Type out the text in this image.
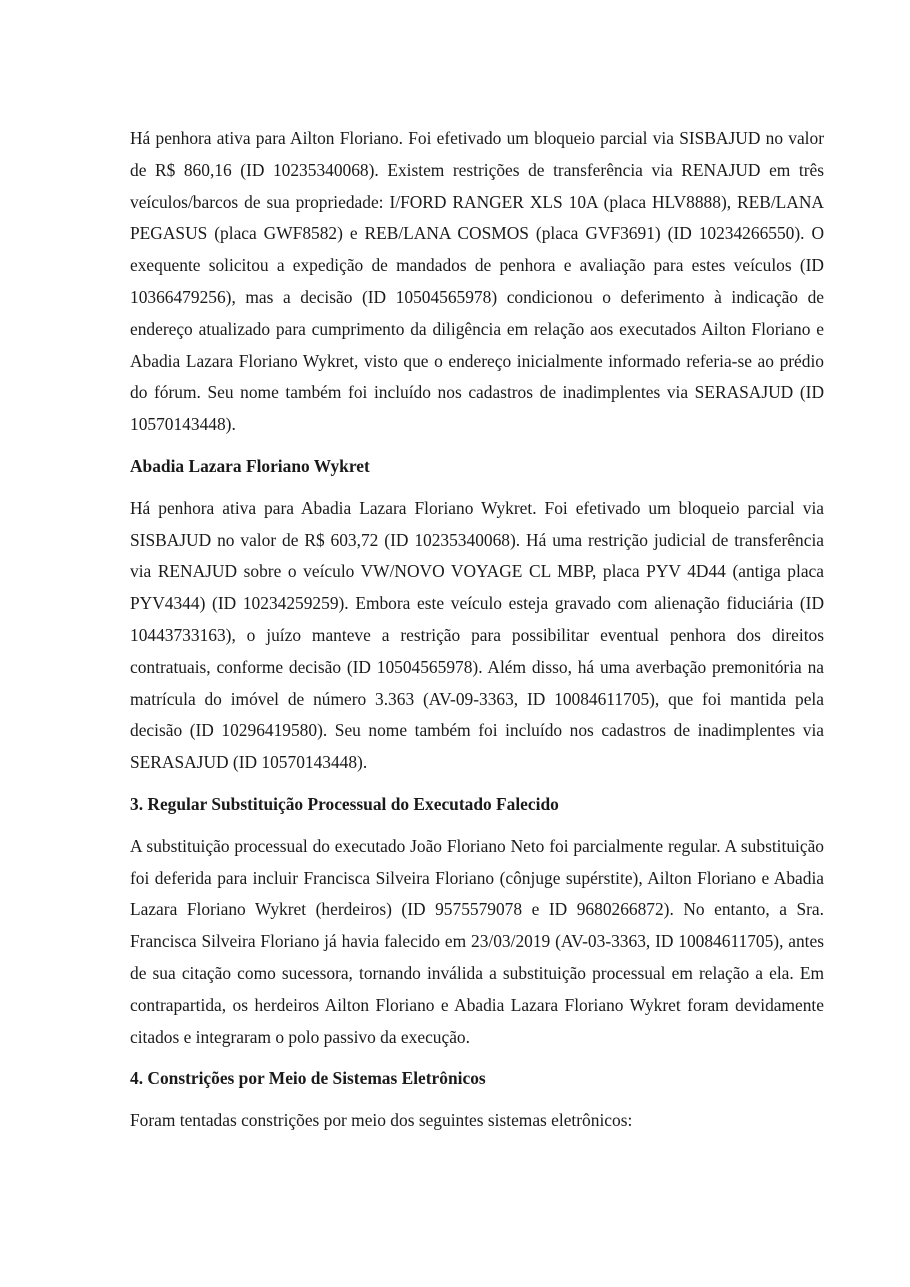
Há penhora ativa para Ailton Floriano. Foi efetivado um bloqueio parcial via SISBAJUD no valor de R$ 860,16 (ID 10235340068). Existem restrições de transferência via RENAJUD em três veículos/barcos de sua propriedade: I/FORD RANGER XLS 10A (placa HLV8888), REB/LANA PEGASUS (placa GWF8582) e REB/LANA COSMOS (placa GVF3691) (ID 10234266550). O exequente solicitou a expedição de mandados de penhora e avaliação para estes veículos (ID 10366479256), mas a decisão (ID 10504565978) condicionou o deferimento à indicação de endereço atualizado para cumprimento da diligência em relação aos executados Ailton Floriano e Abadia Lazara Floriano Wykret, visto que o endereço inicialmente informado referia-se ao prédio do fórum. Seu nome também foi incluído nos cadastros de inadimplentes via SERASAJUD (ID 10570143448).

Abadia Lazara Floriano Wykret

Há penhora ativa para Abadia Lazara Floriano Wykret. Foi efetivado um bloqueio parcial via SISBAJUD no valor de R$ 603,72 (ID 10235340068). Há uma restrição judicial de transferência via RENAJUD sobre o veículo VW/NOVO VOYAGE CL MBP, placa PYV 4D44 (antiga placa PYV4344) (ID 10234259259). Embora este veículo esteja gravado com alienação fiduciária (ID 10443733163), o juízo manteve a restrição para possibilitar eventual penhora dos direitos contratuais, conforme decisão (ID 10504565978). Além disso, há uma averbação premonitória na matrícula do imóvel de número 3.363 (AV-09-3363, ID 10084611705), que foi mantida pela decisão (ID 10296419580). Seu nome também foi incluído nos cadastros de inadimplentes via SERASAJUD (ID 10570143448).

3. Regular Substituição Processual do Executado Falecido

A substituição processual do executado João Floriano Neto foi parcialmente regular. A substituição foi deferida para incluir Francisca Silveira Floriano (cônjuge supérstite), Ailton Floriano e Abadia Lazara Floriano Wykret (herdeiros) (ID 9575579078 e ID 9680266872). No entanto, a Sra. Francisca Silveira Floriano já havia falecido em 23/03/2019 (AV-03-3363, ID 10084611705), antes de sua citação como sucessora, tornando inválida a substituição processual em relação a ela. Em contrapartida, os herdeiros Ailton Floriano e Abadia Lazara Floriano Wykret foram devidamente citados e integraram o polo passivo da execução.

4. Constrições por Meio de Sistemas Eletrônicos

Foram tentadas constrições por meio dos seguintes sistemas eletrônicos:
